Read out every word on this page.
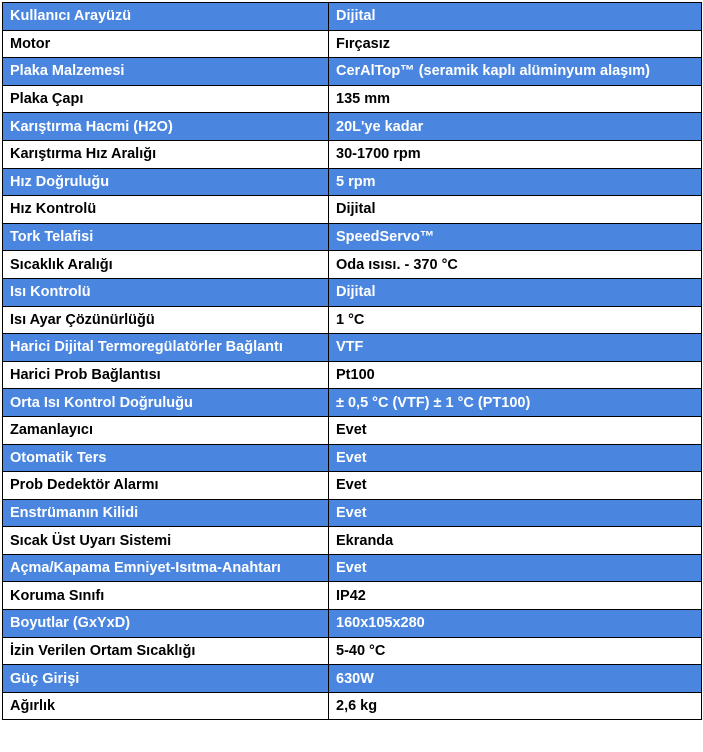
Kullanıcı Arayüzü	Dijital
Motor	Fırçasız
Plaka Malzemesi	CerAlTop™ (seramik kaplı alüminyum alaşım)
Plaka Çapı	135 mm
Karıştırma Hacmi (H2O)	20L'ye kadar
Karıştırma Hız Aralığı	30-1700 rpm
Hız Doğruluğu	5 rpm
Hız Kontrolü	Dijital
Tork Telafisi	SpeedServo™
Sıcaklık Aralığı	Oda ısısı. - 370 °C
Isı Kontrolü	Dijital
Isı Ayar Çözünürlüğü	1 °C
Harici Dijital Termoregülatörler Bağlantı	VTF
Harici Prob Bağlantısı	Pt100
Orta Isı Kontrol Doğruluğu	± 0,5 °C (VTF) ± 1 °C (PT100)
Zamanlayıcı	Evet
Otomatik Ters	Evet
Prob Dedektör Alarmı	Evet
Enstrümanın Kilidi	Evet
Sıcak Üst Uyarı Sistemi	Ekranda
Açma/Kapama Emniyet-Isıtma-Anahtarı	Evet
Koruma Sınıfı	IP42
Boyutlar (GxYxD)	160x105x280
İzin Verilen Ortam Sıcaklığı	5-40 °C
Güç Girişi	630W
Ağırlık	2,6 kg
